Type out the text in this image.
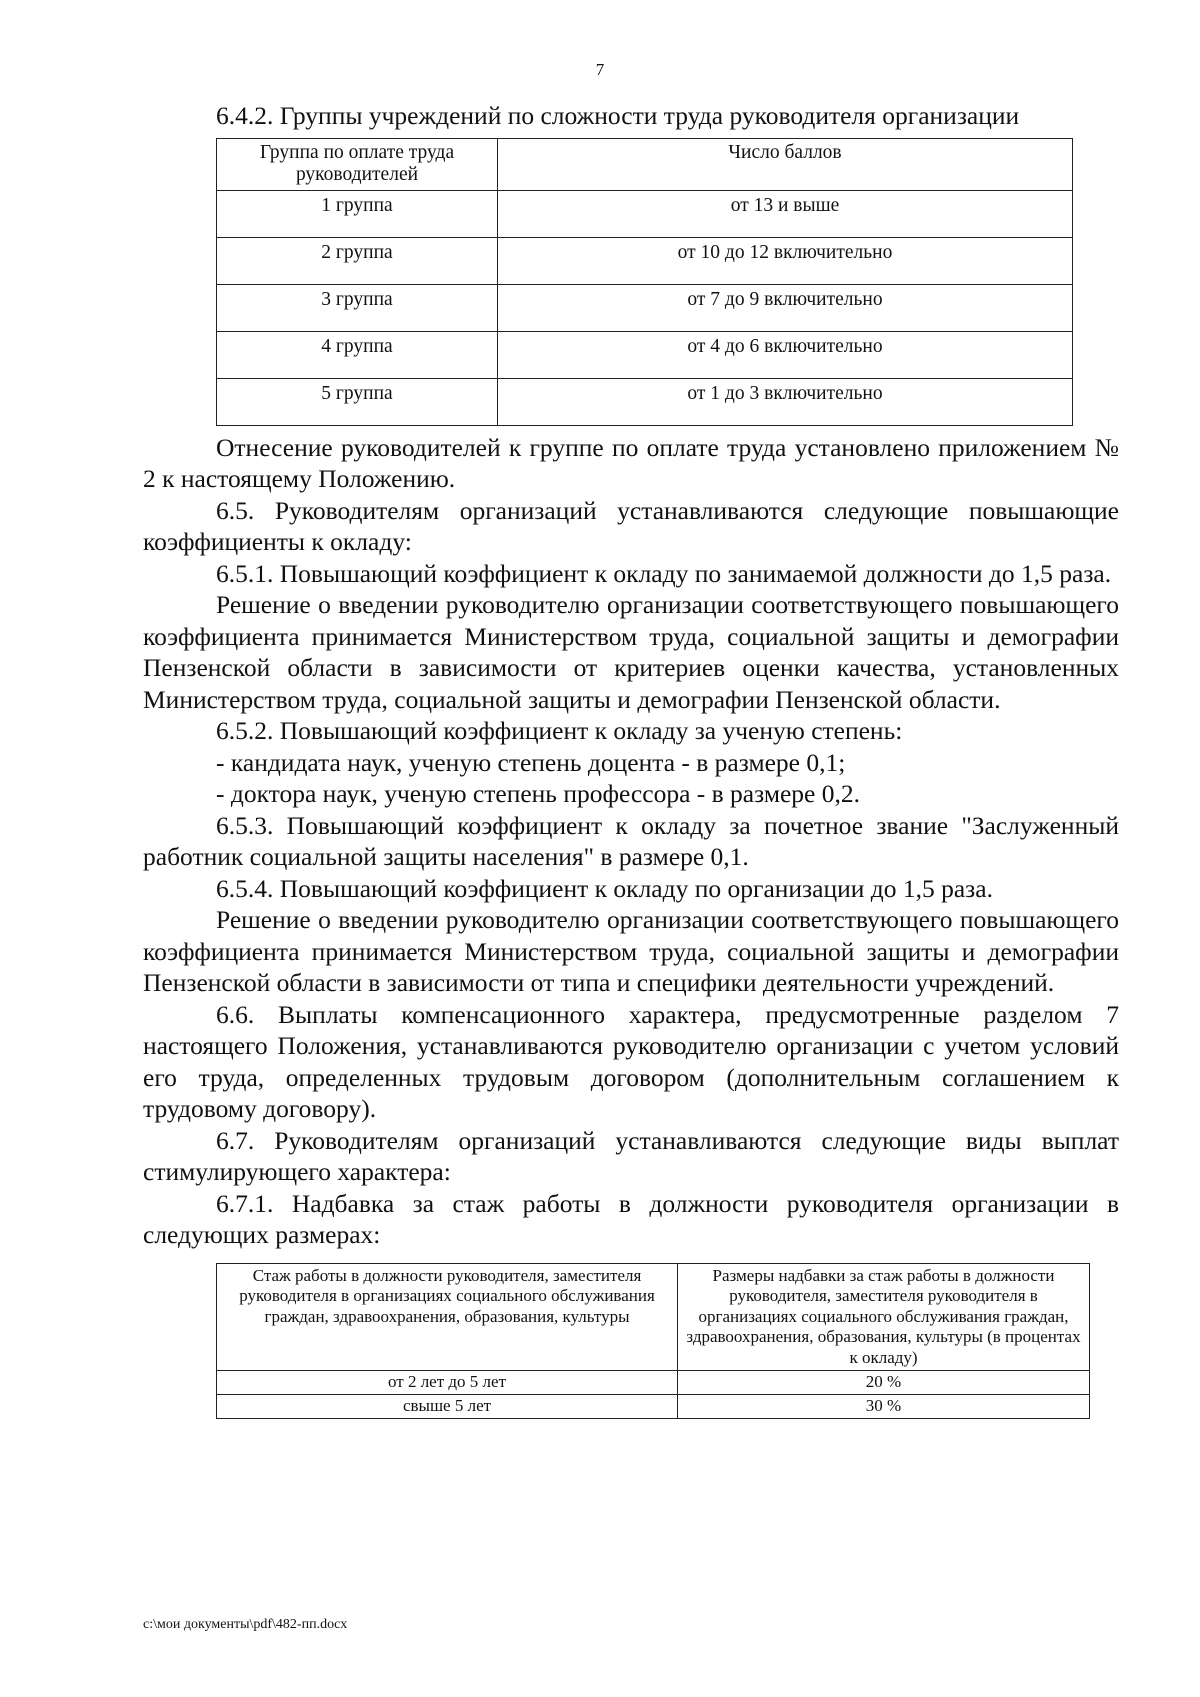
7
6.4.2. Группы учреждений по сложности труда руководителя организации
Группа по оплате труда руководителей	Число баллов
1 группа	от 13 и выше
2 группа	от 10 до 12 включительно
3 группа	от 7 до 9 включительно
4 группа	от 4 до 6 включительно
5 группа	от 1 до 3 включительно

Отнесение руководителей к группе по оплате труда установлено приложением № 2 к настоящему Положению.

6.5. Руководителям организаций устанавливаются следующие повышающие коэффициенты к окладу:

6.5.1. Повышающий коэффициент к окладу по занимаемой должности до 1,5 раза.

Решение о введении руководителю организации соответствующего повышающего коэффициента принимается Министерством труда, социальной защиты и демографии Пензенской области в зависимости от критериев оценки качества, установленных Министерством труда, социальной защиты и демографии Пензенской области.

6.5.2. Повышающий коэффициент к окладу за ученую степень:

- кандидата наук, ученую степень доцента - в размере 0,1;

- доктора наук, ученую степень профессора - в размере 0,2.

6.5.3. Повышающий коэффициент к окладу за почетное звание "Заслуженный работник социальной защиты населения" в размере 0,1.

6.5.4. Повышающий коэффициент к окладу по организации до 1,5 раза.

Решение о введении руководителю организации соответствующего повышающего коэффициента принимается Министерством труда, социальной защиты и демографии Пензенской области в зависимости от типа и специфики деятельности учреждений.

6.6. Выплаты компенсационного характера, предусмотренные разделом 7 настоящего Положения, устанавливаются руководителю организации с учетом условий его труда, определенных трудовым договором (дополнительным соглашением к трудовому договору).

6.7. Руководителям организаций устанавливаются следующие виды выплат стимулирующего характера:

6.7.1. Надбавка за стаж работы в должности руководителя организации в следующих размерах:

Стаж работы в должности руководителя, заместителя руководителя в организациях социального обслуживания граждан, здравоохранения, образования, культуры	Размеры надбавки за стаж работы в должности руководителя, заместителя руководителя в организациях социального обслуживания граждан, здравоохранения, образования, культуры (в процентах к окладу)
от 2 лет до 5 лет	20 %
свыше 5 лет	30 %
c:\мои документы\pdf\482-пп.docx
